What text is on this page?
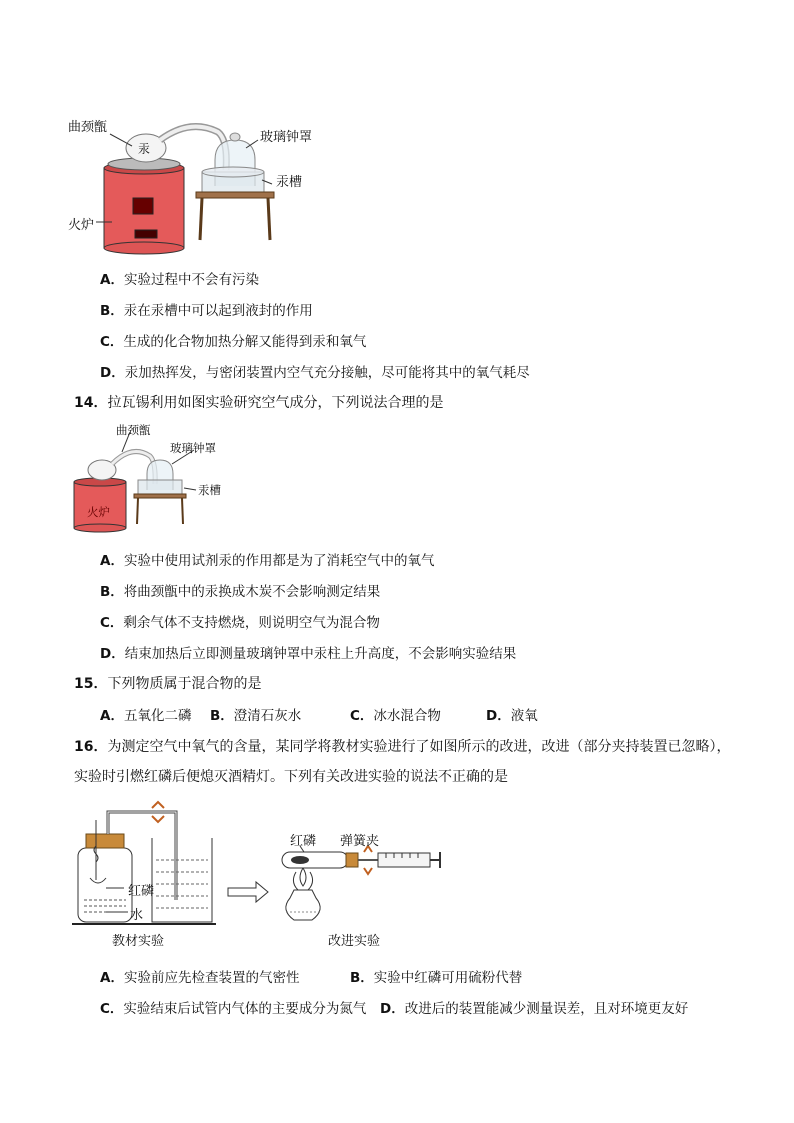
曲颈甑
汞
玻璃钟罩
汞槽
火炉
A．实验过程中不会有污染
B．汞在汞槽中可以起到液封的作用
C．生成的化合物加热分解又能得到汞和氧气
D．汞加热挥发，与密闭装置内空气充分接触，尽可能将其中的氧气耗尽
14．拉瓦锡利用如图实验研究空气成分，下列说法合理的是
曲颈甑
玻璃钟罩
汞槽
火炉
A．实验中使用试剂汞的作用都是为了消耗空气中的氧气
B．将曲颈甑中的汞换成木炭不会影响测定结果
C．剩余气体不支持燃烧，则说明空气为混合物
D．结束加热后立即测量玻璃钟罩中汞柱上升高度，不会影响实验结果
15．下列物质属于混合物的是
A．五氧化二磷 B．澄清石灰水	C．冰水混合物	D．液氧
16．为测定空气中氧气的含量，某同学将教材实验进行了如图所示的改进，改进（部分夹持装置已忽略），
实验时引燃红磷后便熄灭酒精灯。下列有关改进实验的说法不正确的是
红磷
水
教材实验
红磷 弹簧夹
改进实验
A．实验前应先检查装置的气密性	B．实验中红磷可用硫粉代替
C．实验结束后试管内气体的主要成分为氮气 D．改进后的装置能减少测量误差，且对环境更友好
